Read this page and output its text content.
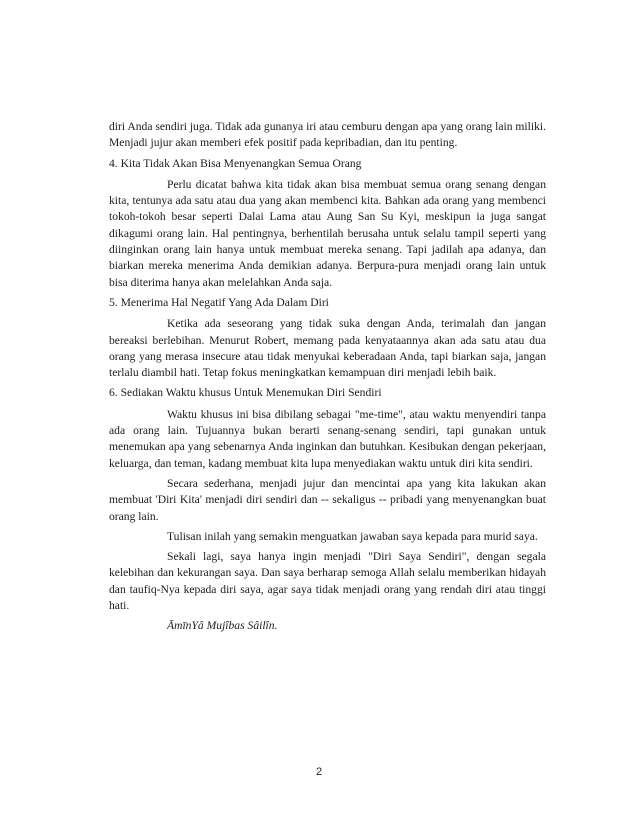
diri Anda sendiri juga. Tidak ada gunanya iri atau cemburu dengan apa yang orang lain miliki. Menjadi jujur akan memberi efek positif pada kepribadian, dan itu penting.

4. Kita Tidak Akan Bisa Menyenangkan Semua Orang

Perlu dicatat bahwa kita tidak akan bisa membuat semua orang senang dengan kita, tentunya ada satu atau dua yang akan membenci kita. Bahkan ada orang yang membenci tokoh-tokoh besar seperti Dalai Lama atau Aung San Su Kyi, meskipun ia juga sangat dikagumi orang lain. Hal pentingnya, berhentilah berusaha untuk selalu tampil seperti yang diinginkan orang lain hanya untuk membuat mereka senang. Tapi jadilah apa adanya, dan biarkan mereka menerima Anda demikian adanya. Berpura-pura menjadi orang lain untuk bisa diterima hanya akan melelahkan Anda saja.

5. Menerima Hal Negatif Yang Ada Dalam Diri

Ketika ada seseorang yang tidak suka dengan Anda, terimalah dan jangan bereaksi berlebihan. Menurut Robert, memang pada kenyataannya akan ada satu atau dua orang yang merasa insecure atau tidak menyukai keberadaan Anda, tapi biarkan saja, jangan terlalu diambil hati. Tetap fokus meningkatkan kemampuan diri menjadi lebih baik.

6. Sediakan Waktu khusus Untuk Menemukan Diri Sendiri

Waktu khusus ini bisa dibilang sebagai "me-time", atau waktu menyendiri tanpa ada orang lain. Tujuannya bukan berarti senang-senang sendiri, tapi gunakan untuk menemukan apa yang sebenarnya Anda inginkan dan butuhkan. Kesibukan dengan pekerjaan, keluarga, dan teman, kadang membuat kita lupa menyediakan waktu untuk diri kita sendiri.

Secara sederhana, menjadi jujur dan mencintai apa yang kita lakukan akan membuat 'Diri Kita' menjadi diri sendiri dan -- sekaligus -- pribadi yang menyenangkan buat orang lain.

Tulisan inilah yang semakin menguatkan jawaban saya kepada para murid saya.

Sekali lagi, saya hanya ingin menjadi "Diri Saya Sendiri", dengan segala kelebihan dan kekurangan saya. Dan saya berharap semoga Allah selalu memberikan hidayah dan taufiq-Nya kepada diri saya, agar saya tidak menjadi orang yang rendah diri atau tinggi hati.

ĀmīnYâ Mujîbas Sâilîn.

2
